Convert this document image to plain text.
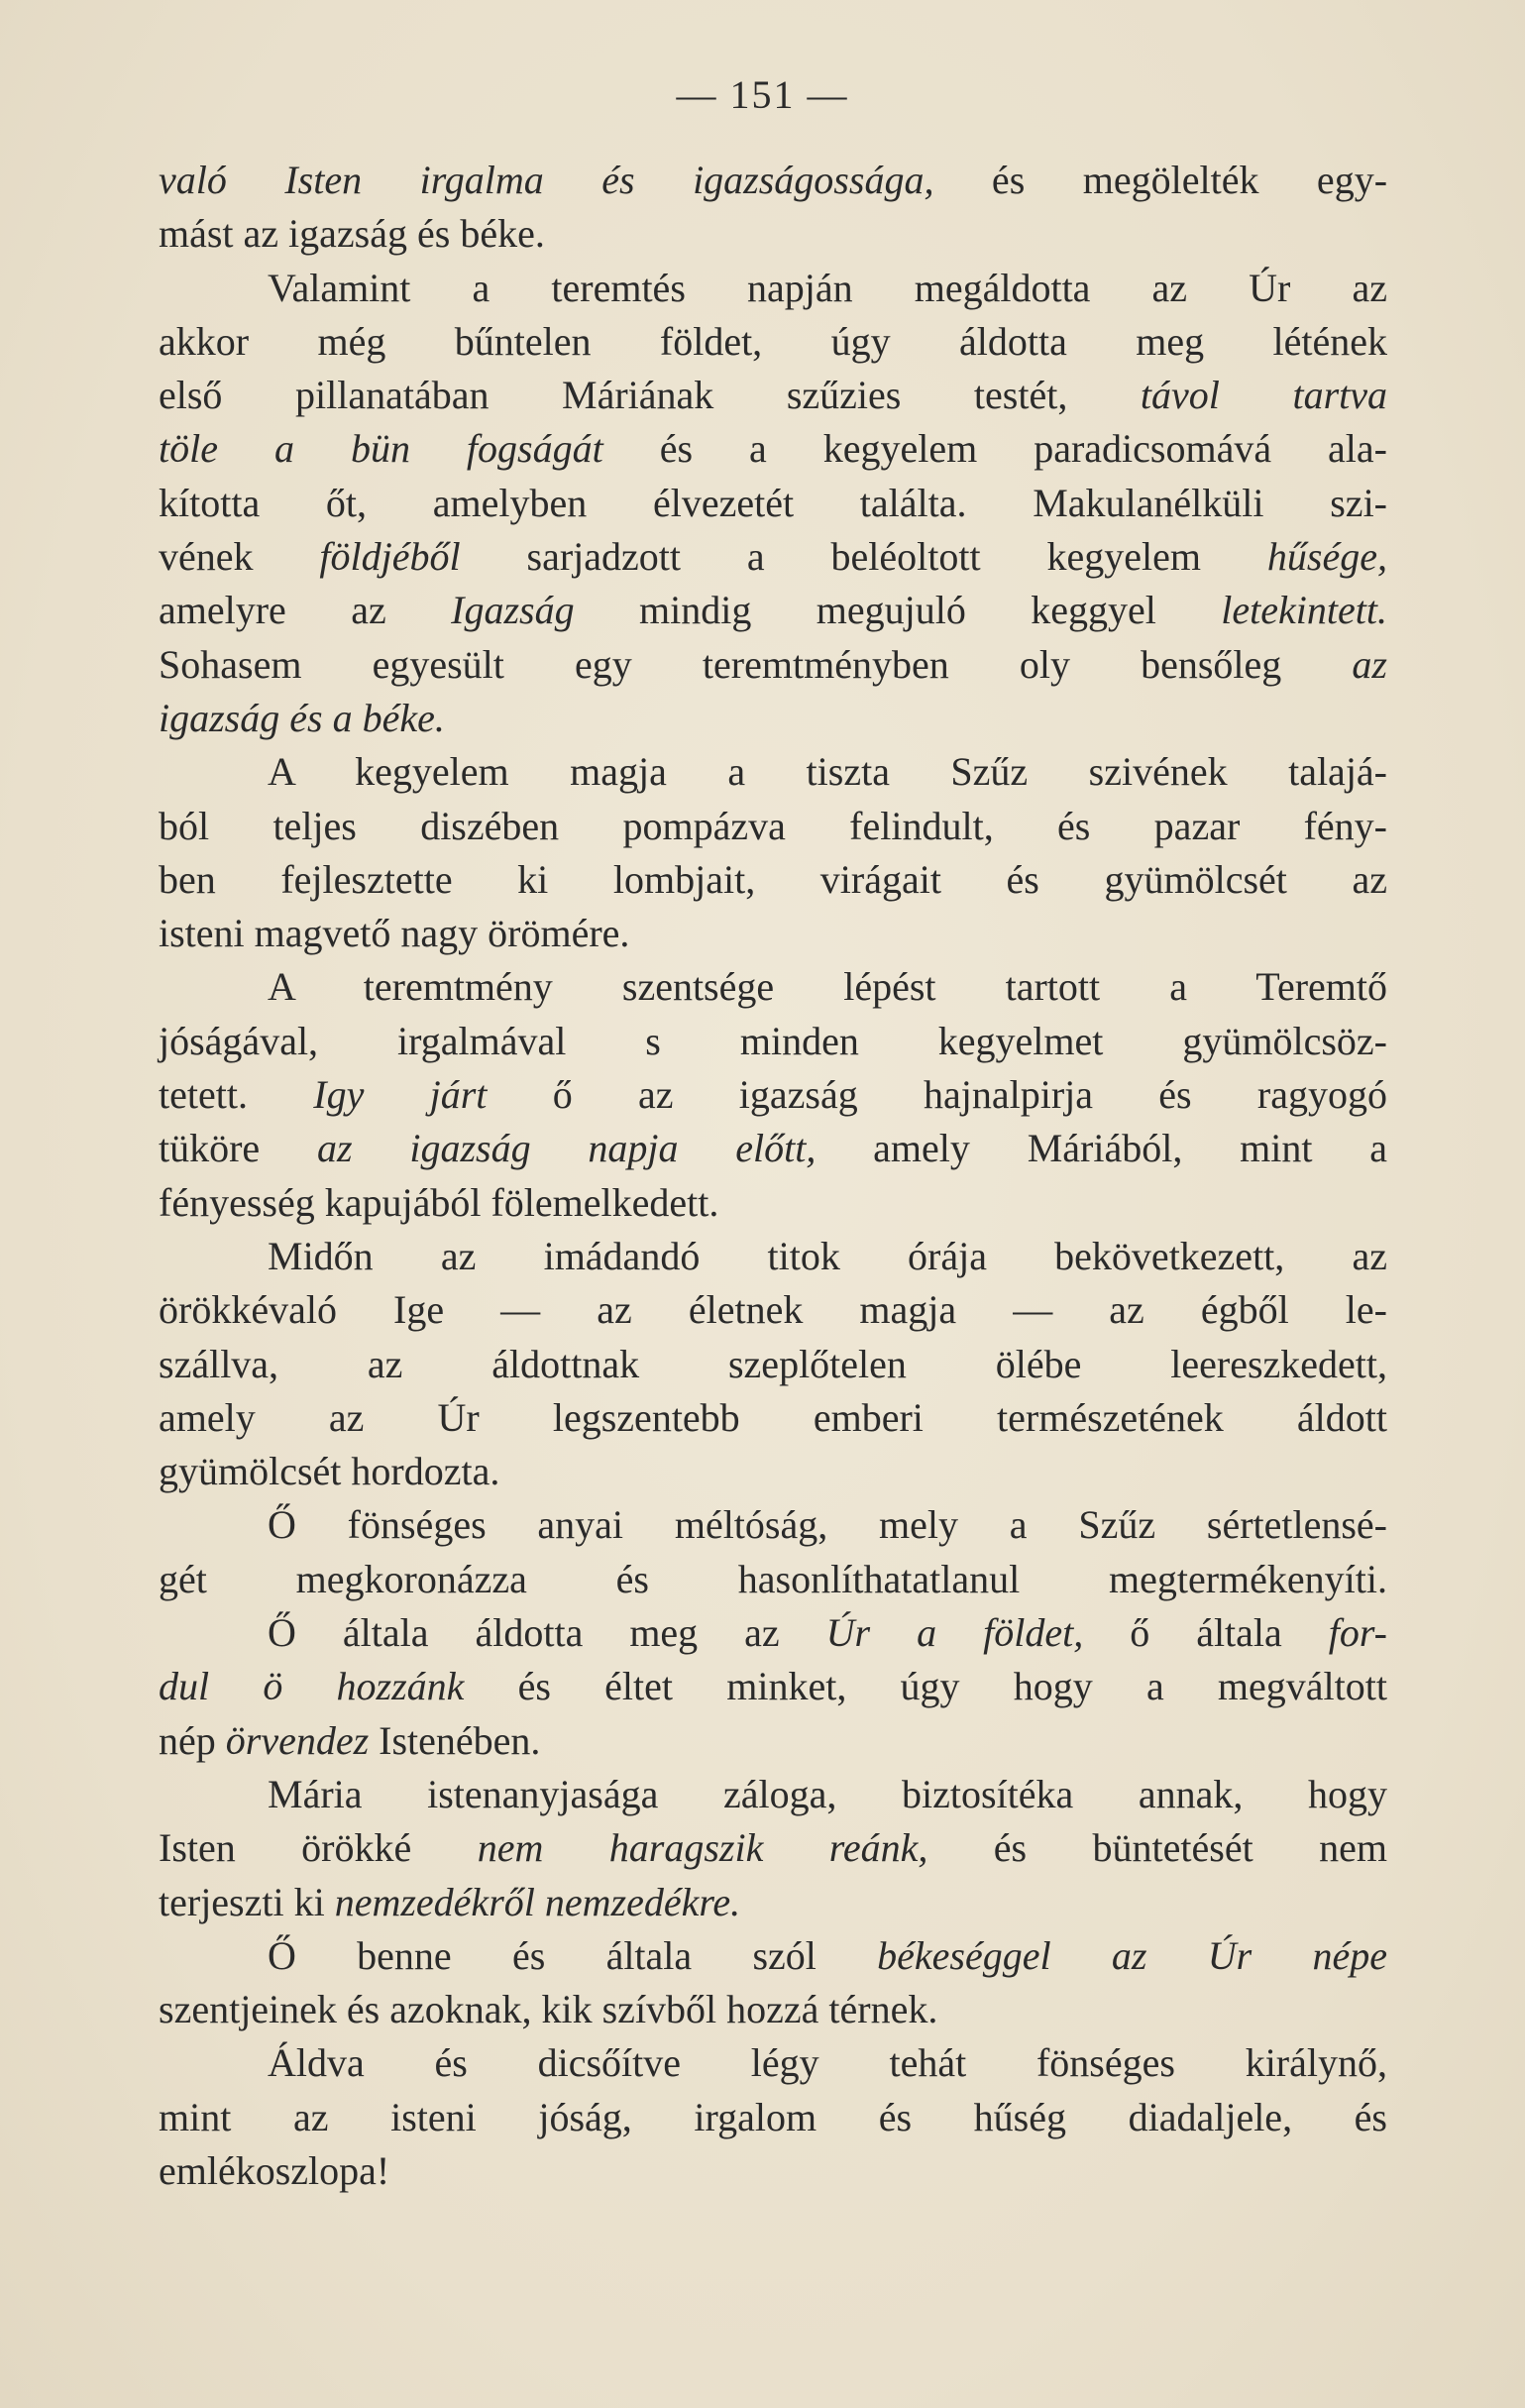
— 151 —
való Isten irgalma és igazságossága, és megölelték egy-
mást az igazság és béke.
Valamint a teremtés napján megáldotta az Úr az
akkor még bűntelen földet, úgy áldotta meg létének
első pillanatában Máriának szűzies testét, távol tartva
töle a bün fogságát és a kegyelem paradicsomává ala-
kította őt, amelyben élvezetét találta. Makulanélküli szi-
vének földjéből sarjadzott a beléoltott kegyelem hűsége,
amelyre az Igazság mindig megujuló keggyel letekintett.
Sohasem egyesült egy teremtményben oly bensőleg az
igazság és a béke.
A kegyelem magja a tiszta Szűz szivének talajá-
ból teljes diszében pompázva felindult, és pazar fény-
ben fejlesztette ki lombjait, virágait és gyümölcsét az
isteni magvető nagy örömére.
A teremtmény szentsége lépést tartott a Teremtő
jóságával, irgalmával s minden kegyelmet gyümölcsöz-
tetett. Igy járt ő az igazság hajnalpirja és ragyogó
tüköre az igazság napja előtt, amely Máriából, mint a
fényesség kapujából fölemelkedett.
Midőn az imádandó titok órája bekövetkezett, az
örökkévaló Ige — az életnek magja — az égből le-
szállva, az áldottnak szeplőtelen ölébe leereszkedett,
amely az Úr legszentebb emberi természetének áldott
gyümölcsét hordozta.
Ő fönséges anyai méltóság, mely a Szűz sértetlensé-
gét megkoronázza és hasonlíthatatlanul megtermékenyíti.
Ő általa áldotta meg az Úr a földet, ő általa for-
dul ö hozzánk és éltet minket, úgy hogy a megváltott
nép örvendez Istenében.
Mária istenanyjasága záloga, biztosítéka annak, hogy
Isten örökké nem haragszik reánk, és büntetését nem
terjeszti ki nemzedékről nemzedékre.
Ő benne és általa szól békeséggel az Úr népe
szentjeinek és azoknak, kik szívből hozzá térnek.
Áldva és dicsőítve légy tehát fönséges királynő,
mint az isteni jóság, irgalom és hűség diadaljele, és
emlékoszlopa!
